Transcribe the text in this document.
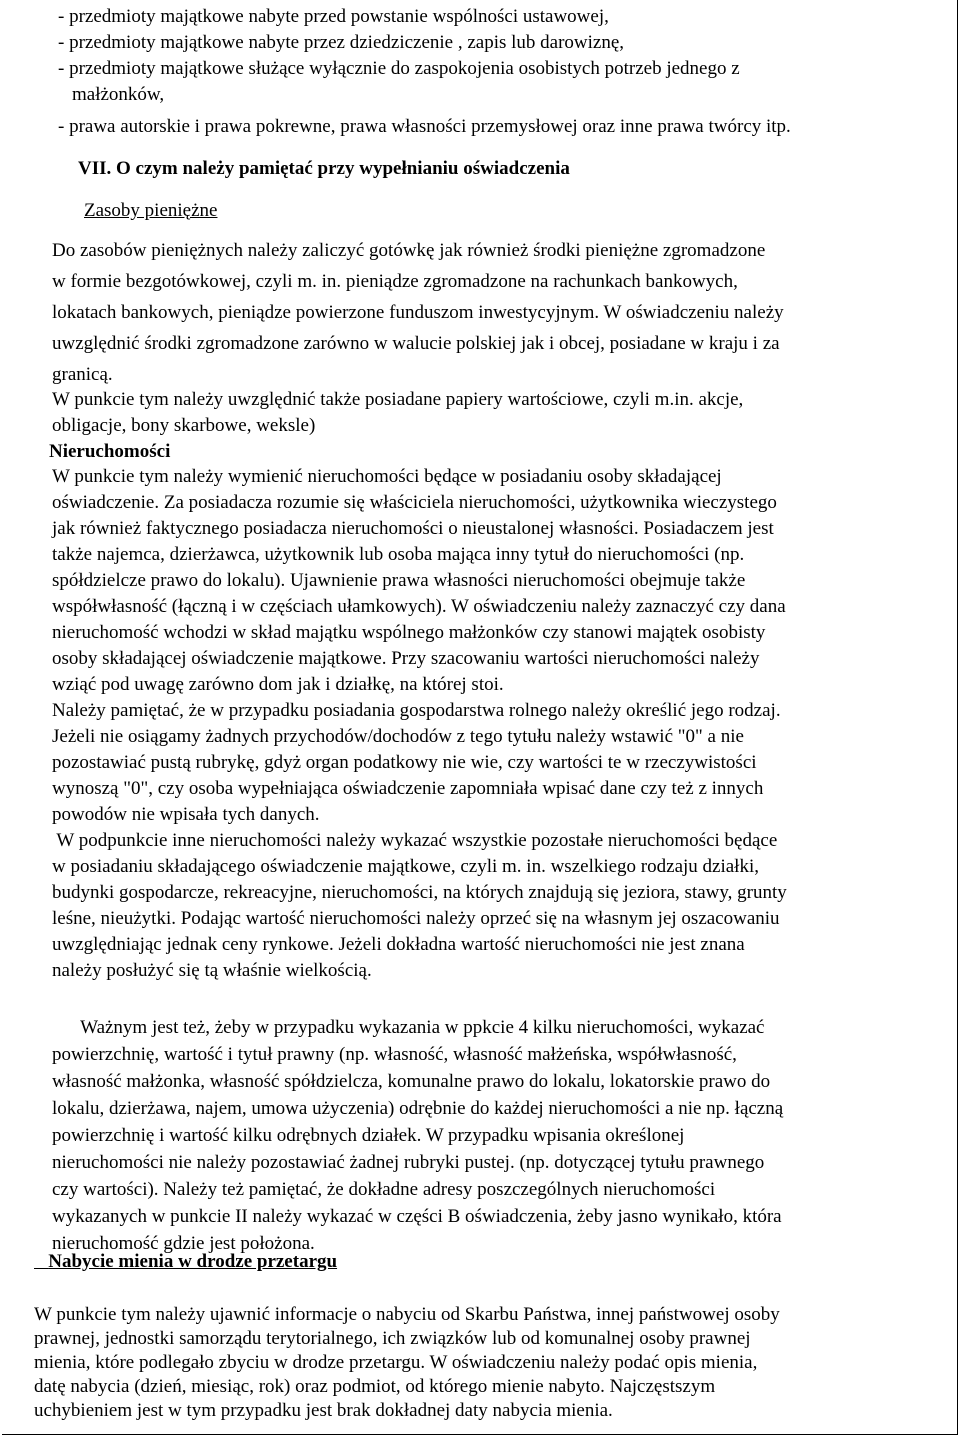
- przedmioty majątkowe nabyte przed powstanie wspólności ustawowej,
- przedmioty majątkowe nabyte przez dziedziczenie , zapis lub darowiznę,
- przedmioty majątkowe służące wyłącznie do zaspokojenia osobistych potrzeb jednego z
małżonków,
- prawa autorskie i prawa pokrewne, prawa własności przemysłowej oraz inne prawa twórcy itp.
VII. O czym należy pamiętać przy wypełnianiu oświadczenia
Zasoby pieniężne
Do zasobów pieniężnych należy zaliczyć gotówkę jak również środki pieniężne zgromadzone
w formie bezgotówkowej, czyli m. in. pieniądze zgromadzone na rachunkach bankowych,
lokatach bankowych, pieniądze powierzone funduszom inwestycyjnym. W oświadczeniu należy
uwzględnić środki zgromadzone zarówno w walucie polskiej jak i obcej, posiadane w kraju i za
granicą.
W punkcie tym należy uwzględnić także posiadane papiery wartościowe, czyli m.in. akcje,
obligacje, bony skarbowe, weksle)
Nieruchomości
W punkcie tym należy wymienić nieruchomości będące w posiadaniu osoby składającej
oświadczenie. Za posiadacza rozumie się właściciela nieruchomości, użytkownika wieczystego
jak również faktycznego posiadacza nieruchomości o nieustalonej własności. Posiadaczem jest
także najemca, dzierżawca, użytkownik lub osoba mająca inny tytuł do nieruchomości (np.
spółdzielcze prawo do lokalu). Ujawnienie prawa własności nieruchomości obejmuje także
współwłasność (łączną i w częściach ułamkowych). W oświadczeniu należy zaznaczyć czy dana
nieruchomość wchodzi w skład majątku wspólnego małżonków czy stanowi majątek osobisty
osoby składającej oświadczenie majątkowe. Przy szacowaniu wartości nieruchomości należy
wziąć pod uwagę zarówno dom jak i działkę, na której stoi.
Należy pamiętać, że w przypadku posiadania gospodarstwa rolnego należy określić jego rodzaj.
Jeżeli nie osiągamy żadnych przychodów/dochodów z tego tytułu należy wstawić "0" a nie
pozostawiać pustą rubrykę, gdyż organ podatkowy nie wie, czy wartości te w rzeczywistości
wynoszą "0", czy osoba wypełniająca oświadczenie zapomniała wpisać dane czy też z innych
powodów nie wpisała tych danych.
W podpunkcie inne nieruchomości należy wykazać wszystkie pozostałe nieruchomości będące
w posiadaniu składającego oświadczenie majątkowe, czyli m. in. wszelkiego rodzaju działki,
budynki gospodarcze, rekreacyjne, nieruchomości, na których znajdują się jeziora, stawy, grunty
leśne, nieużytki. Podając wartość nieruchomości należy oprzeć się na własnym jej oszacowaniu
uwzględniając jednak ceny rynkowe. Jeżeli dokładna wartość nieruchomości nie jest znana
należy posłużyć się tą właśnie wielkością.
Ważnym jest też, żeby w przypadku wykazania w ppkcie 4 kilku nieruchomości, wykazać
powierzchnię, wartość i tytuł prawny (np. własność, własność małżeńska, współwłasność,
własność małżonka, własność spółdzielcza, komunalne prawo do lokalu, lokatorskie prawo do
lokalu, dzierżawa, najem, umowa użyczenia) odrębnie do każdej nieruchomości a nie np. łączną
powierzchnię i wartość kilku odrębnych działek. W przypadku wpisania określonej
nieruchomości nie należy pozostawiać żadnej rubryki pustej. (np. dotyczącej tytułu prawnego
czy wartości). Należy też pamiętać, że dokładne adresy poszczególnych nieruchomości
wykazanych w punkcie II należy wykazać w części B oświadczenia, żeby jasno wynikało, która
nieruchomość gdzie jest położona.
Nabycie mienia w drodze przetargu
W punkcie tym należy ujawnić informacje o nabyciu od Skarbu Państwa, innej państwowej osoby
prawnej, jednostki samorządu terytorialnego, ich związków lub od komunalnej osoby prawnej
mienia, które podlegało zbyciu w drodze przetargu. W oświadczeniu należy podać opis mienia,
datę nabycia (dzień, miesiąc, rok) oraz podmiot, od którego mienie nabyto. Najczęstszym
uchybieniem jest w tym przypadku jest brak dokładnej daty nabycia mienia.
